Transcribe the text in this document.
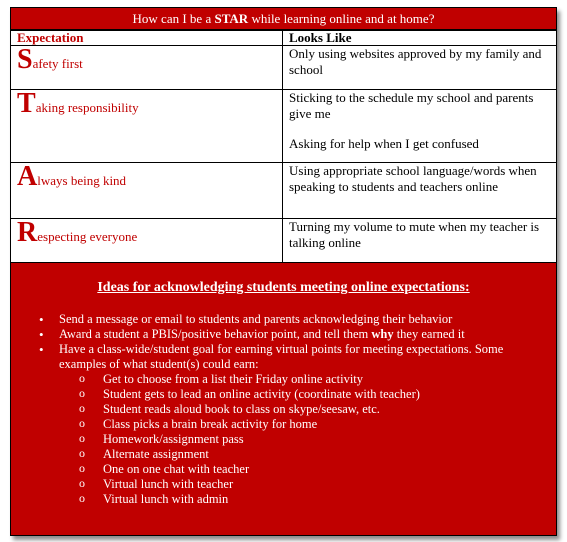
How can I be a STAR while learning online and at home?
Expectation	Looks Like
Safety first	Only using websites approved by my family and school

Taking responsibility	Sticking to the schedule my school and parents give me

Asking for help when I get confused

Always being kind	Using appropriate school language/words when speaking to students and teachers online

Respecting everyone	Turning my volume to mute when my teacher is talking online

Ideas for acknowledging students meeting online expectations:

• Send a message or email to students and parents acknowledging their behavior
• Award a student a PBIS/positive behavior point, and tell them why they earned it
• Have a class-wide/student goal for earning virtual points for meeting expectations. Some examples of what student(s) could earn:
o Get to choose from a list their Friday online activity
o Student gets to lead an online activity (coordinate with teacher)
o Student reads aloud book to class on skype/seesaw, etc.
o Class picks a brain break activity for home
o Homework/assignment pass
o Alternate assignment
o One on one chat with teacher
o Virtual lunch with teacher
o Virtual lunch with admin
